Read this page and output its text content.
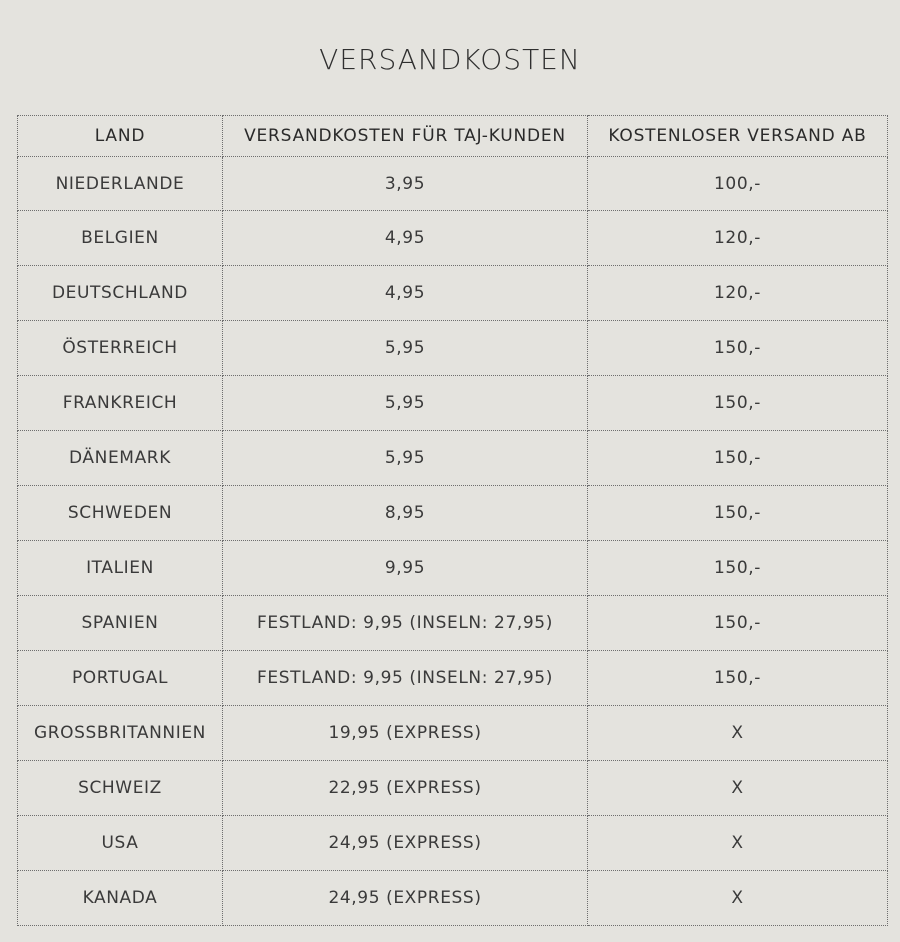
VERSANDKOSTEN
LAND	VERSANDKOSTEN FÜR TAJ-KUNDEN	KOSTENLOSER VERSAND AB
NIEDERLANDE	3,95	100,-
BELGIEN	4,95	120,-
DEUTSCHLAND	4,95	120,-
ÖSTERREICH	5,95	150,-
FRANKREICH	5,95	150,-
DÄNEMARK	5,95	150,-
SCHWEDEN	8,95	150,-
ITALIEN	9,95	150,-
SPANIEN	FESTLAND: 9,95 (INSELN: 27,95)	150,-
PORTUGAL	FESTLAND: 9,95 (INSELN: 27,95)	150,-
GROSSBRITANNIEN	19,95 (EXPRESS)	X
SCHWEIZ	22,95 (EXPRESS)	X
USA	24,95 (EXPRESS)	X
KANADA	24,95 (EXPRESS)	X
